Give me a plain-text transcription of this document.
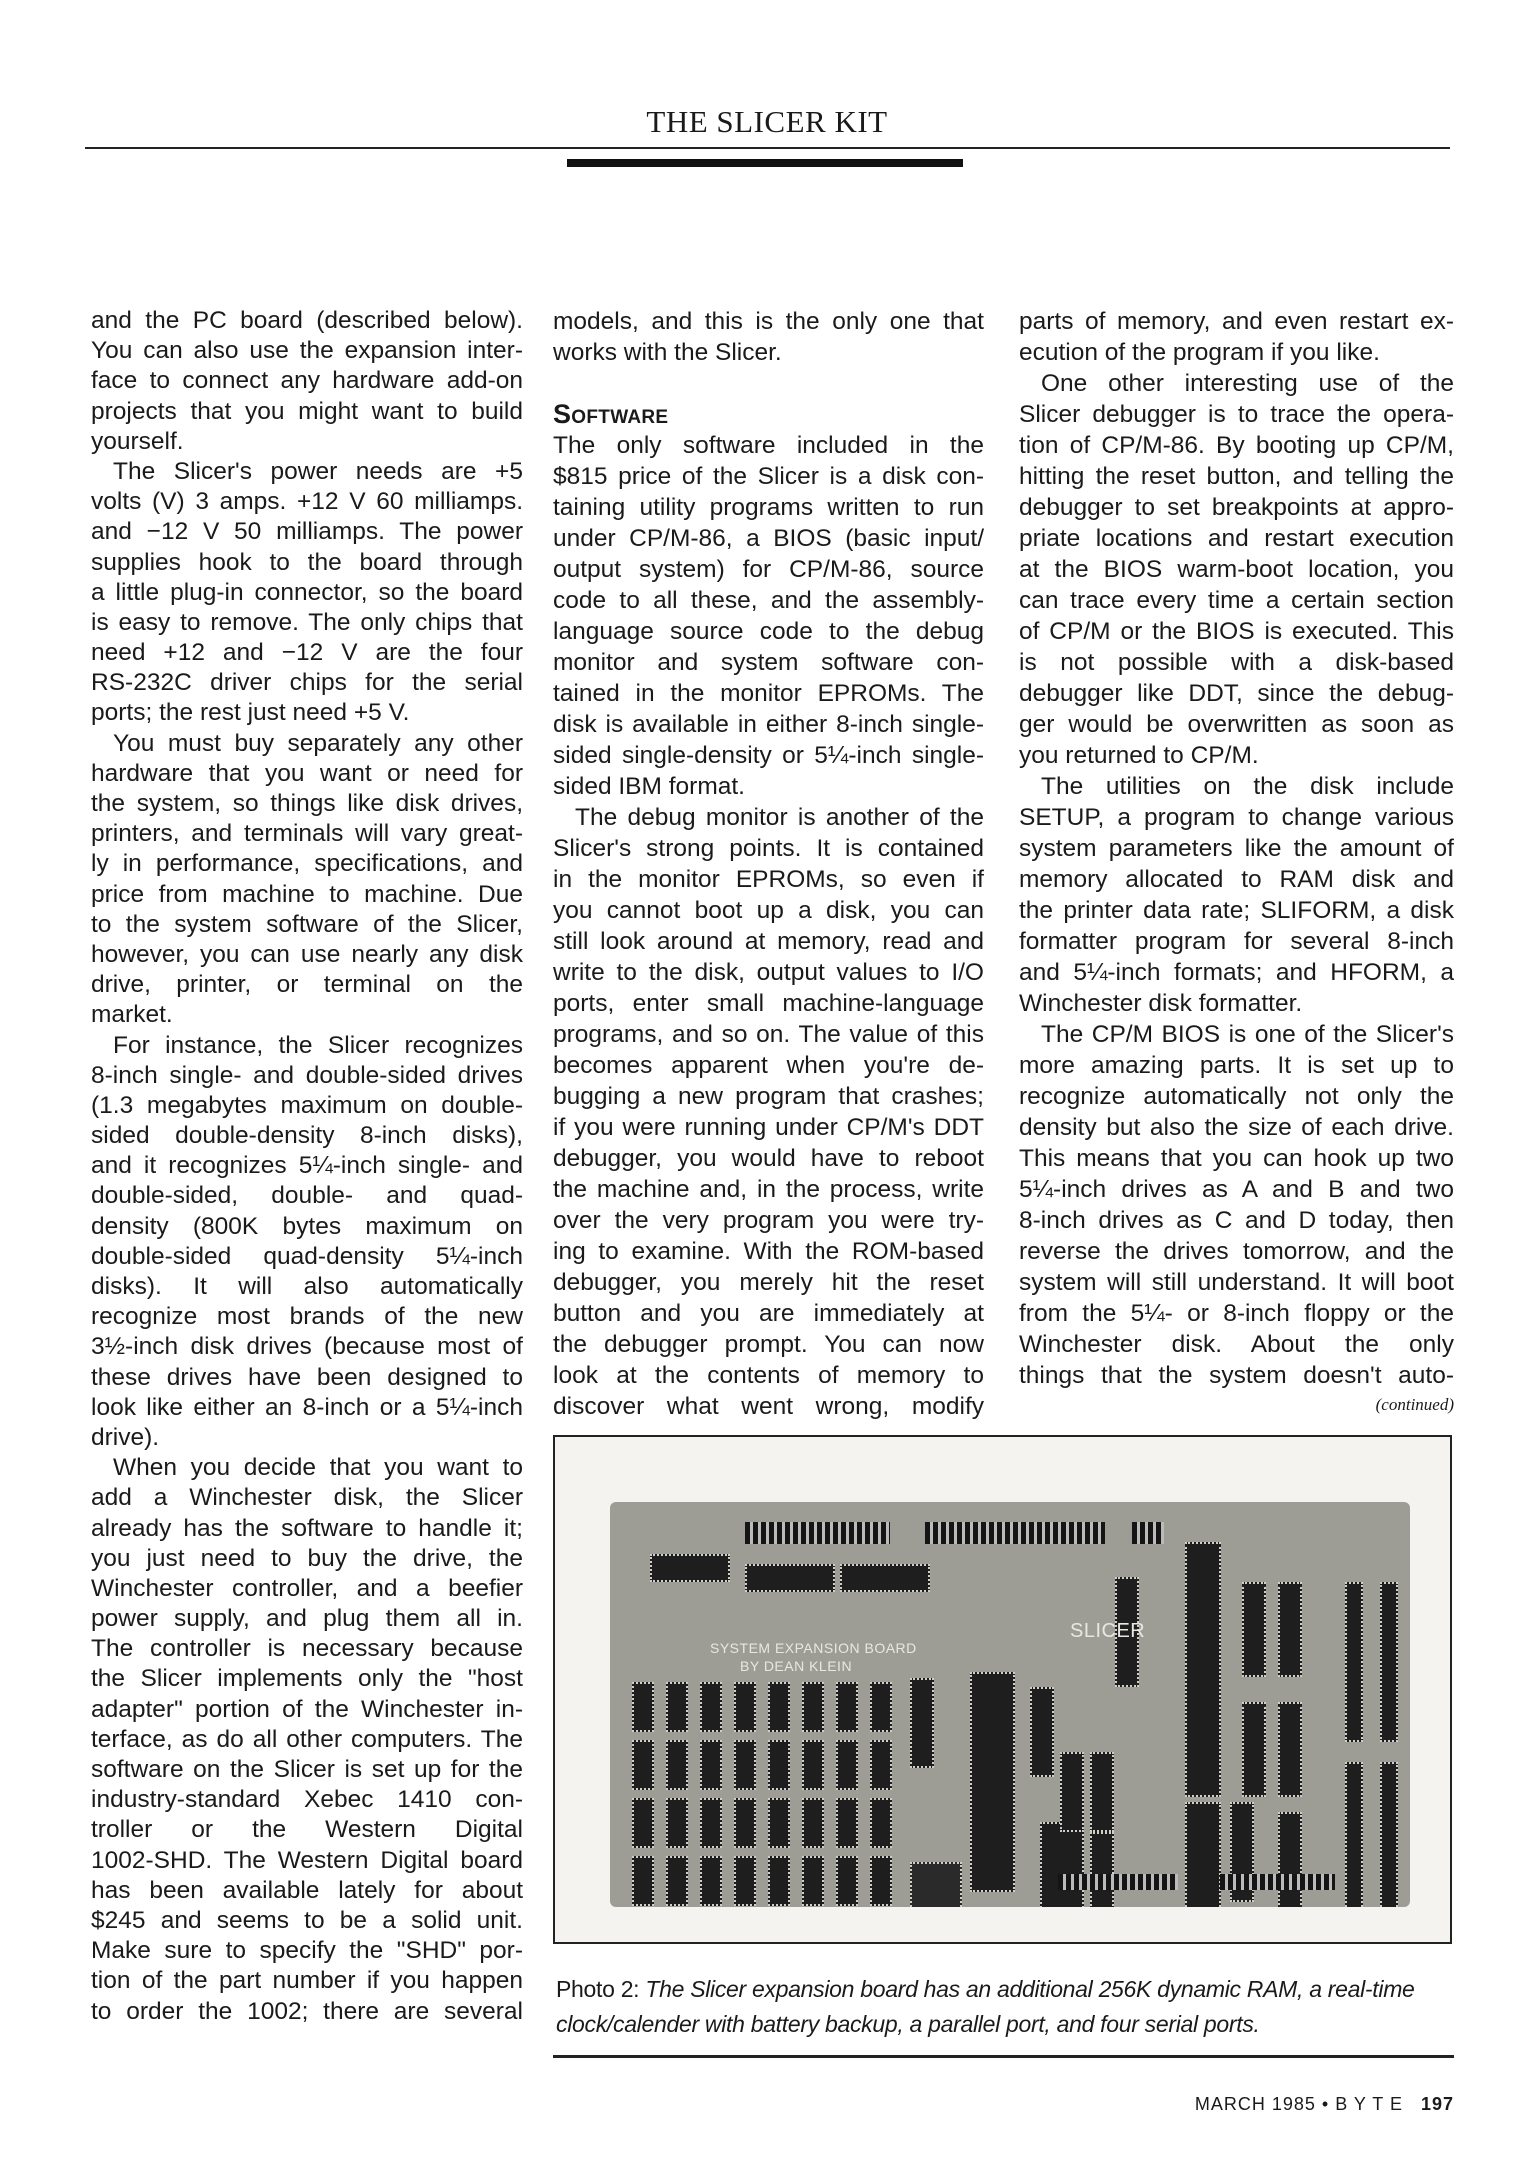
THE SLICER KIT
and the PC board (described below).
You can also use the expansion inter-
face to connect any hardware add-on
projects that you might want to build
yourself.
The Slicer's power needs are +5
volts (V) 3 amps. +12 V 60 milliamps.
and −12 V 50 milliamps. The power
supplies hook to the board through
a little plug-in connector, so the board
is easy to remove. The only chips that
need +12 and −12 V are the four
RS-232C driver chips for the serial
ports; the rest just need +5 V.
You must buy separately any other
hardware that you want or need for
the system, so things like disk drives,
printers, and terminals will vary great-
ly in performance, specifications, and
price from machine to machine. Due
to the system software of the Slicer,
however, you can use nearly any disk
drive, printer, or terminal on the
market.
For instance, the Slicer recognizes
8-inch single- and double-sided drives
(1.3 megabytes maximum on double-
sided double-density 8-inch disks),
and it recognizes 5¼-inch single- and
double-sided, double- and quad-
density (800K bytes maximum on
double-sided quad-density 5¼-inch
disks). It will also automatically
recognize most brands of the new
3½-inch disk drives (because most of
these drives have been designed to
look like either an 8-inch or a 5¼-inch
drive).
When you decide that you want to
add a Winchester disk, the Slicer
already has the software to handle it;
you just need to buy the drive, the
Winchester controller, and a beefier
power supply, and plug them all in.
The controller is necessary because
the Slicer implements only the "host
adapter" portion of the Winchester in-
terface, as do all other computers. The
software on the Slicer is set up for the
industry-standard Xebec 1410 con-
troller or the Western Digital
1002-SHD. The Western Digital board
has been available lately for about
$245 and seems to be a solid unit.
Make sure to specify the "SHD" por-
tion of the part number if you happen
to order the 1002; there are several
models, and this is the only one that
works with the Slicer.
Software
The only software included in the
$815 price of the Slicer is a disk con-
taining utility programs written to run
under CP/M-86, a BIOS (basic input/
output system) for CP/M-86, source
code to all these, and the assembly-
language source code to the debug
monitor and system software con-
tained in the monitor EPROMs. The
disk is available in either 8-inch single-
sided single-density or 5¼-inch single-
sided IBM format.
The debug monitor is another of the
Slicer's strong points. It is contained
in the monitor EPROMs, so even if
you cannot boot up a disk, you can
still look around at memory, read and
write to the disk, output values to I/O
ports, enter small machine-language
programs, and so on. The value of this
becomes apparent when you're de-
bugging a new program that crashes;
if you were running under CP/M's DDT
debugger, you would have to reboot
the machine and, in the process, write
over the very program you were try-
ing to examine. With the ROM-based
debugger, you merely hit the reset
button and you are immediately at
the debugger prompt. You can now
look at the contents of memory to
discover what went wrong, modify
parts of memory, and even restart ex-
ecution of the program if you like.
One other interesting use of the
Slicer debugger is to trace the opera-
tion of CP/M-86. By booting up CP/M,
hitting the reset button, and telling the
debugger to set breakpoints at appro-
priate locations and restart execution
at the BIOS warm-boot location, you
can trace every time a certain section
of CP/M or the BIOS is executed. This
is not possible with a disk-based
debugger like DDT, since the debug-
ger would be overwritten as soon as
you returned to CP/M.
The utilities on the disk include
SETUP, a program to change various
system parameters like the amount of
memory allocated to RAM disk and
the printer data rate; SLIFORM, a disk
formatter program for several 8-inch
and 5¼-inch formats; and HFORM, a
Winchester disk formatter.
The CP/M BIOS is one of the Slicer's
more amazing parts. It is set up to
recognize automatically not only the
density but also the size of each drive.
This means that you can hook up two
5¼-inch drives as A and B and two
8-inch drives as C and D today, then
reverse the drives tomorrow, and the
system will still understand. It will boot
from the 5¼- or 8-inch floppy or the
Winchester disk. About the only
things that the system doesn't auto-
(continued)
SLICER
SYSTEM EXPANSION BOARD
BY DEAN KLEIN
Photo 2: The Slicer expansion board has an additional 256K dynamic RAM, a real-time clock/calender with battery backup, a parallel port, and four serial ports.
MARCH 1985 • B Y T E 197
